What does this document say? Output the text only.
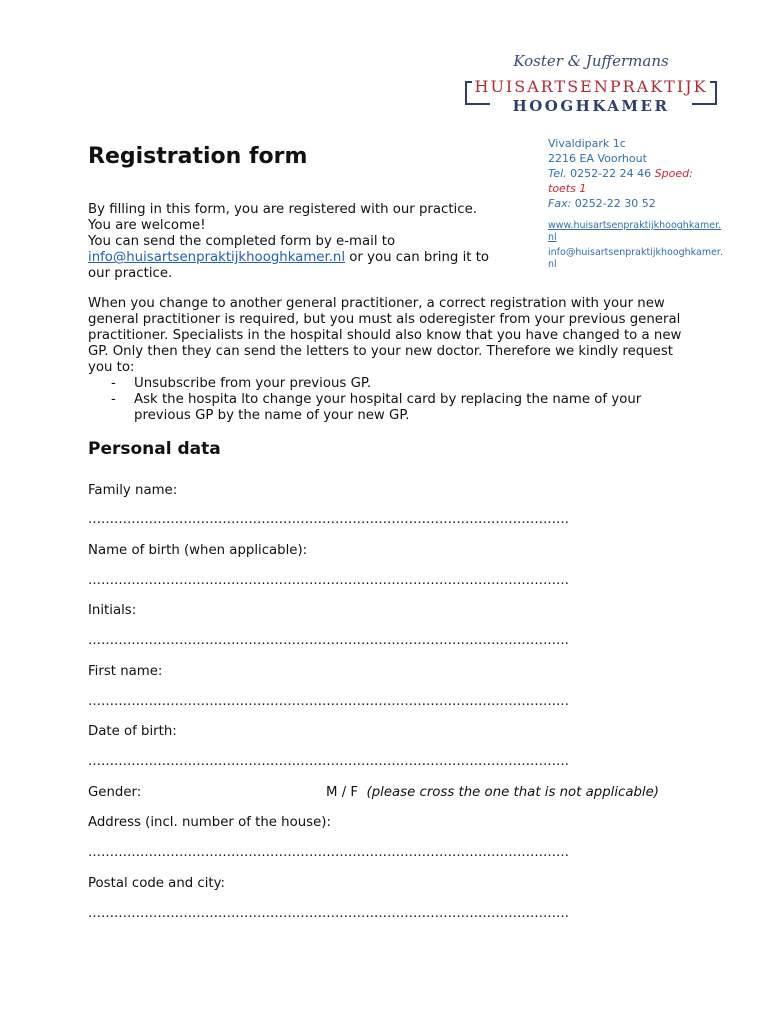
Koster & Juffermans
HUISARTSENPRAKTIJK
HOOGHKAMER
Vivaldipark 1c
2216 EA Voorhout
Tel. 0252-22 24 46 Spoed: toets 1
Fax: 0252-22 30 52
www.huisartsenpraktijkhooghkamer.nl
info@huisartsenpraktijkhooghkamer.nl
Registration form
By filling in this form, you are registered with our practice.
You are welcome!
You can send the completed form by e-mail to
info@huisartsenpraktijkhooghkamer.nl or you can bring it to
our practice.
When you change to another general practitioner, a correct registration with your new general practitioner is required, but you must als oderegister from your previous general practitioner. Specialists in the hospital should also know that you have changed to a new GP. Only then they can send the letters to your new doctor. Therefore we kindly request you to:
- Unsubscribe from your previous GP.
- Ask the hospita lto change your hospital card by replacing the name of your previous GP by the name of your new GP.
Personal data
Family name:
…………………………………………………………………………………………………
Name of birth (when applicable):
…………………………………………………………………………………………………
Initials:
…………………………………………………………………………………………………
First name:
…………………………………………………………………………………………………
Date of birth:
…………………………………………………………………………………………………
Gender:	M / F (please cross the one that is not applicable)
Address (incl. number of the house):
…………………………………………………………………………………………………
Postal code and city:
…………………………………………………………………………………………………
